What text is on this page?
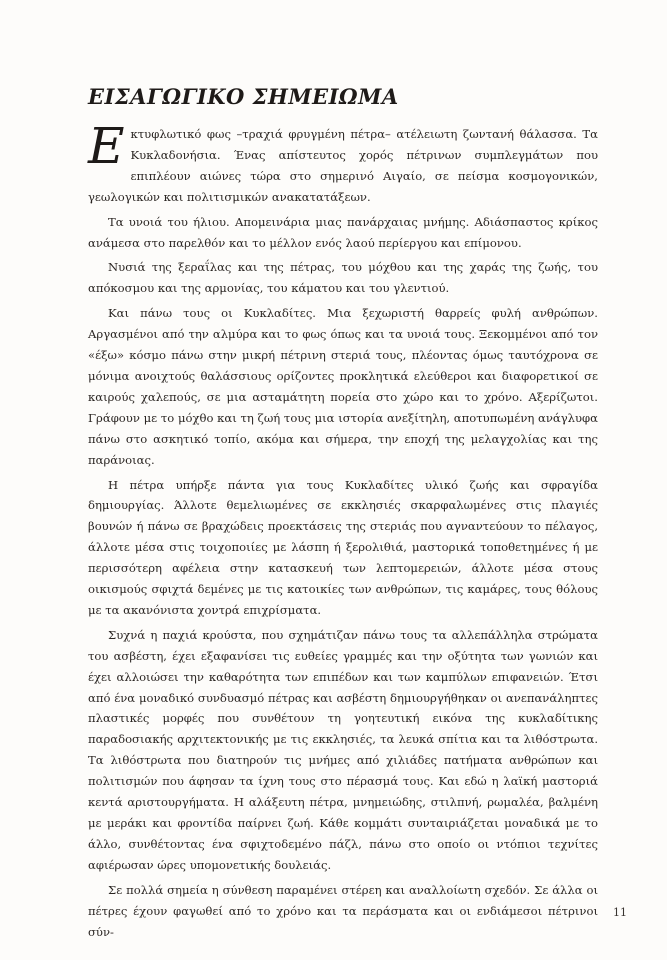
ΕΙΣΑΓΩΓΙΚΟ ΣΗΜΕΙΩΜΑ

Εκτυφλωτικό φως –τραχιά φρυγμένη πέτρα– ατέλειωτη ζωντανή θάλασσα. Τα Κυκλαδονήσια. Ένας απίστευτος χορός πέτρινων συμπλεγμάτων που επιπλέουν αιώνες τώρα στο σημερινό Αιγαίο, σε πείσμα κοσμογονικών, γεωλογικών και πολιτισμικών ανακατατάξεων.

Τα υνοιά του ήλιου. Απομεινάρια μιας πανάρχαιας μνήμης. Αδιάσπαστος κρίκος ανάμεσα στο παρελθόν και το μέλλον ενός λαού περίεργου και επίμονου.

Νυσιά της ξεραΐλας και της πέτρας, του μόχθου και της χαράς της ζωής, του απόκοσμου και της αρμονίας, του κάματου και του γλεντιού.

Και πάνω τους οι Κυκλαδίτες. Μια ξεχωριστή θαρρείς φυλή ανθρώπων. Αργασμένοι από την αλμύρα και το φως όπως και τα υνοιά τους. Ξεκομμένοι από τον «έξω» κόσμο πάνω στην μικρή πέτρινη στεριά τους, πλέοντας όμως ταυτόχρονα σε μόνιμα ανοιχτούς θαλάσσιους ορίζοντες προκλητικά ελεύθεροι και διαφορετικοί σε καιρούς χαλεπούς, σε μια ασταμάτητη πορεία στο χώρο και το χρόνο. Αξερίζωτοι. Γράφουν με το μόχθο και τη ζωή τους μια ιστορία ανεξίτηλη, αποτυπωμένη ανάγλυφα πάνω στο ασκητικό τοπίο, ακόμα και σήμερα, την εποχή της μελαγχολίας και της παράνοιας.

Η πέτρα υπήρξε πάντα για τους Κυκλαδίτες υλικό ζωής και σφραγίδα δημιουργίας. Άλλοτε θεμελιωμένες σε εκκλησιές σκαρφαλωμένες στις πλαγιές βουνών ή πάνω σε βραχώδεις προεκτάσεις της στεριάς που αγναντεύουν το πέλαγος, άλλοτε μέσα στις τοιχοποιίες με λάσπη ή ξερολιθιά, μαστορικά τοποθετημένες ή με περισσότερη αφέλεια στην κατασκευή των λεπτομερειών, άλλοτε μέσα στους οικισμούς σφιχτά δεμένες με τις κατοικίες των ανθρώπων, τις καμάρες, τους θόλους με τα ακανόνιστα χοντρά επιχρίσματα.

Συχνά η παχιά κρούστα, που σχημάτιζαν πάνω τους τα αλλεπάλληλα στρώματα του ασβέστη, έχει εξαφανίσει τις ευθείες γραμμές και την οξύτητα των γωνιών και έχει αλλοιώσει την καθαρότητα των επιπέδων και των καμπύλων επιφανειών. Έτσι από ένα μοναδικό συνδυασμό πέτρας και ασβέστη δημιουργήθηκαν οι ανεπανάληπτες πλαστικές μορφές που συνθέτουν τη γοητευτική εικόνα της κυκλαδίτικης παραδοσιακής αρχιτεκτονικής με τις εκκλησιές, τα λευκά σπίτια και τα λιθόστρωτα. Τα λιθόστρωτα που διατηρούν τις μνήμες από χιλιάδες πατήματα ανθρώπων και πολιτισμών που άφησαν τα ίχνη τους στο πέρασμά τους. Και εδώ η λαϊκή μαστοριά κεντά αριστουργήματα. Η αλάξευτη πέτρα, μνημειώδης, στιλπνή, ρωμαλέα, βαλμένη με μεράκι και φροντίδα παίρνει ζωή. Κάθε κομμάτι συνταιριάζεται μοναδικά με το άλλο, συνθέτοντας ένα σφιχτοδεμένο πάζλ, πάνω στο οποίο οι ντόπιοι τεχνίτες αφιέρωσαν ώρες υπομονετικής δουλειάς.

Σε πολλά σημεία η σύνθεση παραμένει στέρεη και αναλλοίωτη σχεδόν. Σε άλλα οι πέτρες έχουν φαγωθεί από το χρόνο και τα περάσματα και οι ενδιάμεσοι πέτρινοι σύν-

11
